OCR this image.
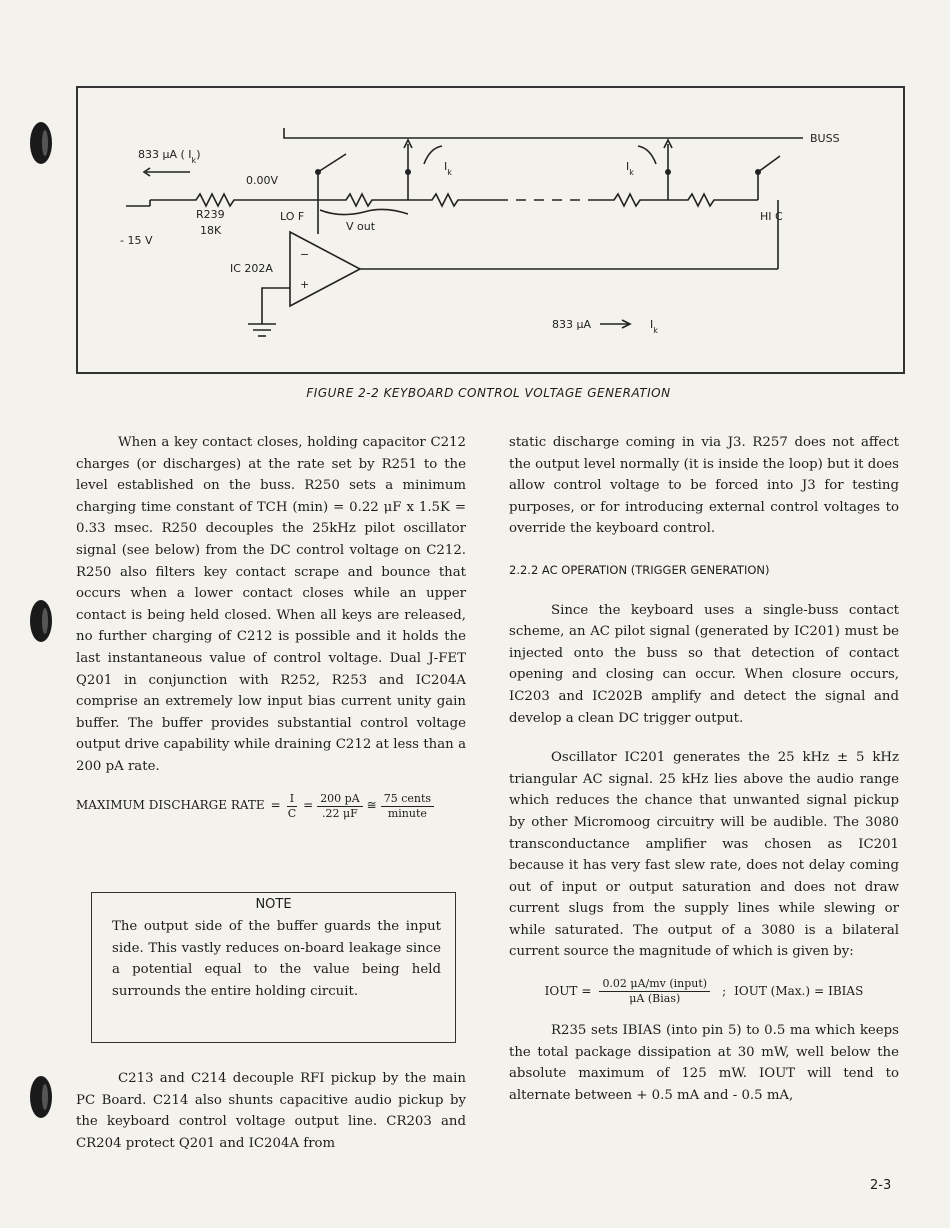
833 μA ( $I_k$)
0.00V
R239
18K
- 15 V
LO F	HI C
V out
BUSS
IC 202A
−
+
$I_k$	$I_k$
833 μA	$I_k$
FIGURE 2-2 KEYBOARD CONTROL VOLTAGE GENERATION

When a key contact closes, holding capacitor C212 charges (or discharges) at the rate set by R251 to the level established on the buss. R250 sets a minimum charging time constant of TCH (min) = 0.22 μF x 1.5K = 0.33 msec. R250 decouples the 25kHz pilot oscillator signal (see below) from the DC control voltage on C212. R250 also filters key contact scrape and bounce that occurs when a lower contact closes while an upper contact is being held closed. When all keys are released, no further charging of C212 is possible and it holds the last instantaneous value of control voltage. Dual J-FET Q201 in conjunction with R252, R253 and IC204A comprise an extremely low input bias current unity gain buffer. The buffer provides substantial control voltage output drive capability while draining C212 at less than a 200 pA rate.

MAXIMUM DISCHARGE RATE = $\frac{I}{C} = \frac{200 pA}{.22 \mu F}$ ≅ $\frac{\text{75 cents}}{\text{minute}}$
NOTE
The output side of the buffer guards the input side. This vastly reduces on-board leakage since a potential equal to the value being held surrounds the entire holding circuit.

C213 and C214 decouple RFI pickup by the main PC Board. C214 also shunts capacitive audio pickup by the keyboard control voltage output line. CR203 and CR204 protect Q201 and IC204A from

static discharge coming in via J3. R257 does not affect the output level normally (it is inside the loop) but it does allow control voltage to be forced into J3 for testing purposes, or for introducing external control voltages to override the keyboard control.

2.2.2 AC OPERATION (TRIGGER GENERATION)

Since the keyboard uses a single-buss contact scheme, an AC pilot signal (generated by IC201) must be injected onto the buss so that detection of contact opening and closing can occur. When closure occurs, IC203 and IC202B amplify and detect the signal and develop a clean DC trigger output.

Oscillator IC201 generates the 25 kHz ± 5 kHz triangular AC signal. 25 kHz lies above the audio range which reduces the chance that unwanted signal pickup by other Micromoog circuitry will be audible. The 3080 transconductance amplifier was chosen as IC201 because it has very fast slew rate, does not delay coming out of input or output saturation and does not draw current slugs from the supply lines while slewing or while saturated. The output of a 3080 is a bilateral current source the magnitude of which is given by:

IOUT = $\frac{\text{0.02 μA/mv (input)}}{\text{μA (Bias)}}$ ; IOUT (Max.) = IBIAS

R235 sets IBIAS (into pin 5) to 0.5 ma which keeps the total package dissipation at 30 mW, well below the absolute maximum of 125 mW. IOUT will tend to alternate between + 0.5 mA and - 0.5 mA,

2-3
